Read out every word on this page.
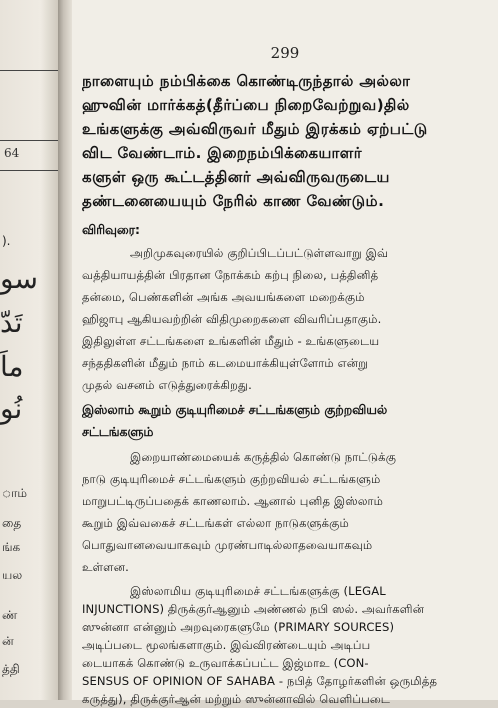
64
).
سو
تَدّ
ماَ
نُو
ாம்
தை
ங்க
யல
ண்
ன்
த்தி
299
நாளையும் நம்பிக்கை கொண்டிருந்தால் அல்லா
ஹுவின் மார்க்கத்(தீர்ப்பை நிறைவேற்றுவ)தில்
உங்களுக்கு அவ்விருவர் மீதும் இரக்கம் ஏற்பட்டு
விட வேண்டாம். இறைநம்பிக்கையாளர்
களுள் ஒரு கூட்டத்தினர் அவ்விருவருடைய
தண்டனையையும் நேரில் காண வேண்டும்.
விரிவுரை:
அறிமுகவுரையில் குறிப்பிடப்பட்டுள்ளவாறு இவ்
வத்தியாயத்தின் பிரதான நோக்கம் கற்பு நிலை, பத்தினித்
தன்மை, பெண்களின் அங்க அவயங்களை மறைக்கும்
ஹிஜாபு ஆகியவற்றின் விதிமுறைகளை விவரிப்பதாகும்.
இதிலுள்ள சட்டங்களை உங்களின் மீதும் - உங்களுடைய
சந்ததிகளின் மீதும் நாம் கடமையாக்கியுள்ளோம் என்று
முதல் வசனம் எடுத்துரைக்கிறது.
இஸ்லாம் கூறும் குடியுரிமைச் சட்டங்களும் குற்றவியல்
சட்டங்களும்
இறையாண்மையைக் கருத்தில் கொண்டு நாட்டுக்கு
நாடு குடியுரிமைச் சட்டங்களும் குற்றவியல் சட்டங்களும்
மாறுபட்டிருப்பதைக் காணலாம். ஆனால் புனித இஸ்லாம்
கூறும் இவ்வகைச் சட்டங்கள் எல்லா நாடுகளுக்கும்
பொதுவானவையாகவும் முரண்பாடில்லாதவையாகவும்
உள்ளன.
இஸ்லாமிய குடியுரிமைச் சட்டங்களுக்கு (LEGAL
INJUNCTIONS) திருக்குர்ஆனும் அண்ணல் நபி ஸல். அவர்களின்
ஸுன்னா என்னும் அறவுரைகளுமே (PRIMARY SOURCES)
அடிப்படை மூலங்களாகும். இவ்விரண்டையும் அடிப்ப
டையாகக் கொண்டு உருவாக்கப்பட்ட இஜ்மாஉ (CON-
SENSUS OF OPINION OF SAHABA - நபித் தோழர்களின் ஒருமித்த
கருத்து), திருக்குர்ஆன் மற்றும் ஸுன்னாவில் வெளிப்படை
